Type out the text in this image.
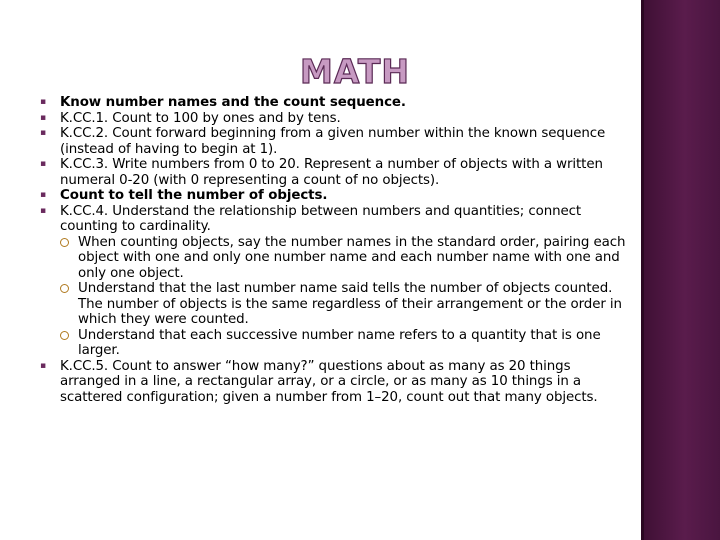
MATH

▪ Know number names and the count sequence.

▪ K.CC.1. Count to 100 by ones and by tens.

▪ K.CC.2. Count forward beginning from a given number within the known sequence (instead of having to begin at 1).

▪ K.CC.3. Write numbers from 0 to 20. Represent a number of objects with a written numeral 0-20 (with 0 representing a count of no objects).

▪ Count to tell the number of objects.

▪ K.CC.4. Understand the relationship between numbers and quantities; connect counting to cardinality.

When counting objects, say the number names in the standard order, pairing each object with one and only one number name and each number name with one and only one object.

Understand that the last number name said tells the number of objects counted. The number of objects is the same regardless of their arrangement or the order in which they were counted.

Understand that each successive number name refers to a quantity that is one larger.

▪ K.CC.5. Count to answer “how many?” questions about as many as 20 things arranged in a line, a rectangular array, or a circle, or as many as 10 things in a scattered configuration; given a number from 1–20, count out that many objects.
